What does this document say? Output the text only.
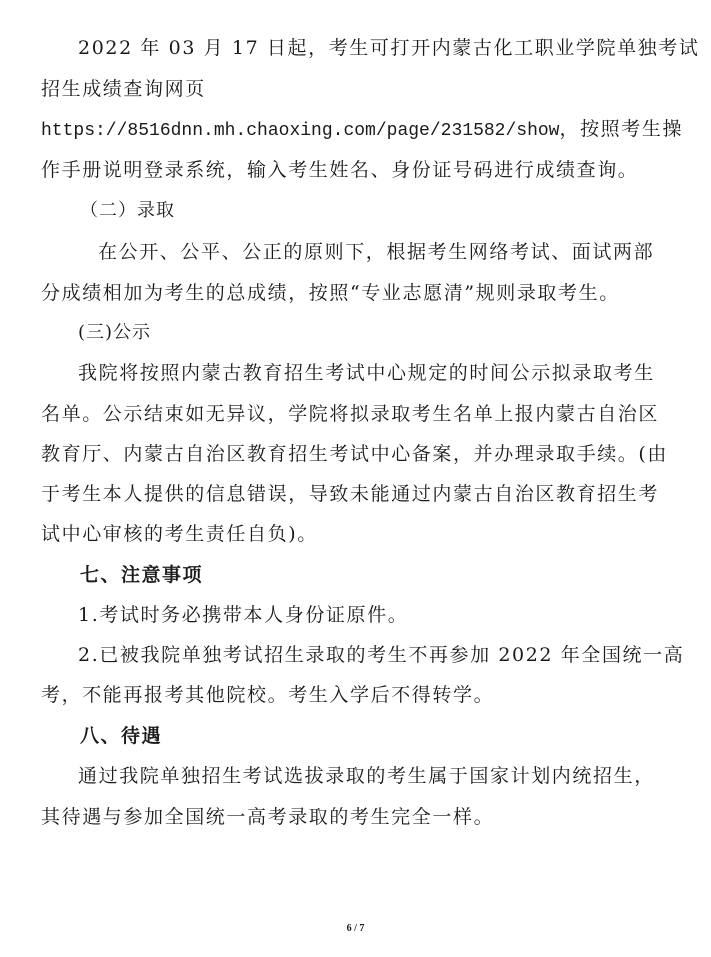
2022 年 03 月 17 日起，考生可打开内蒙古化工职业学院单独考试
招生成绩查询网页
https://8516dnn.mh.chaoxing.com/page/231582/show，按照考生操
作手册说明登录系统，输入考生姓名、身份证号码进行成绩查询。
（二）录取
在公开、公平、公正的原则下，根据考生网络考试、面试两部
分成绩相加为考生的总成绩，按照“专业志愿清”规则录取考生。
(三)公示
我院将按照内蒙古教育招生考试中心规定的时间公示拟录取考生
名单。公示结束如无异议，学院将拟录取考生名单上报内蒙古自治区
教育厅、内蒙古自治区教育招生考试中心备案，并办理录取手续。(由
于考生本人提供的信息错误，导致未能通过内蒙古自治区教育招生考
试中心审核的考生责任自负)。
七、注意事项
1.考试时务必携带本人身份证原件。
2.已被我院单独考试招生录取的考生不再参加 2022 年全国统一高
考，不能再报考其他院校。考生入学后不得转学。
八、待遇
通过我院单独招生考试选拔录取的考生属于国家计划内统招生，
其待遇与参加全国统一高考录取的考生完全一样。
6 / 7
